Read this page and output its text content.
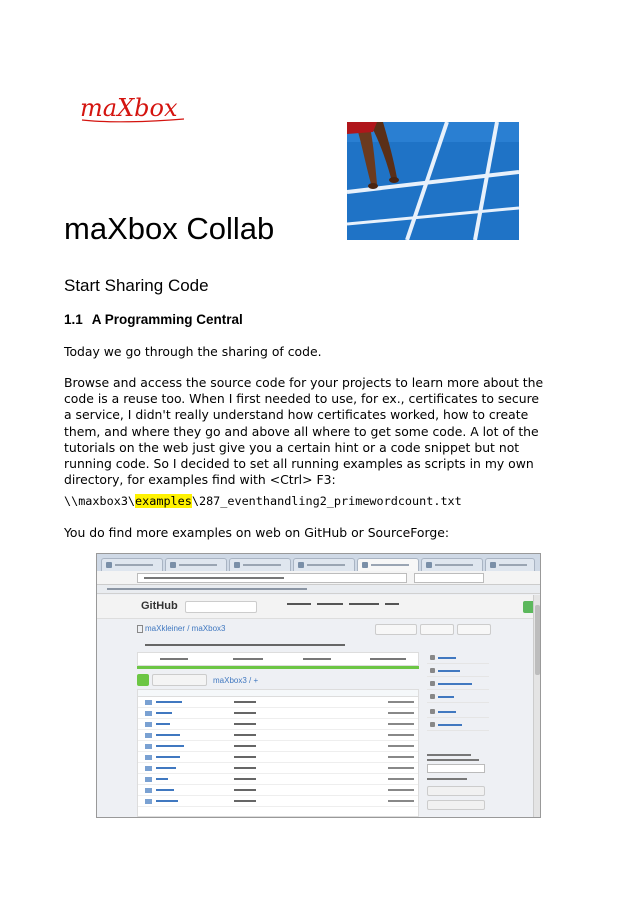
maXbox
maXbox Collab
Start Sharing Code
1.1 A Programming Central

Today we go through the sharing of code.

Browse and access the source code for your projects to learn more about the code is a reuse too. When I first needed to use, for ex., certificates to secure a service, I didn't really understand how certificates worked, how to create them, and where they go and above all where to get some code. A lot of the tutorials on the web just give you a certain hint or a code snippet but not running code. So I decided to set all running examples as scripts in my own directory, for examples find with <Ctrl> F3:

\\maxbox3\examples\287_eventhandling2_primewordcount.txt

You do find more examples on web on GitHub or SourceForge:

GitHub
maXkleiner / maXbox3
maXbox3 / +
